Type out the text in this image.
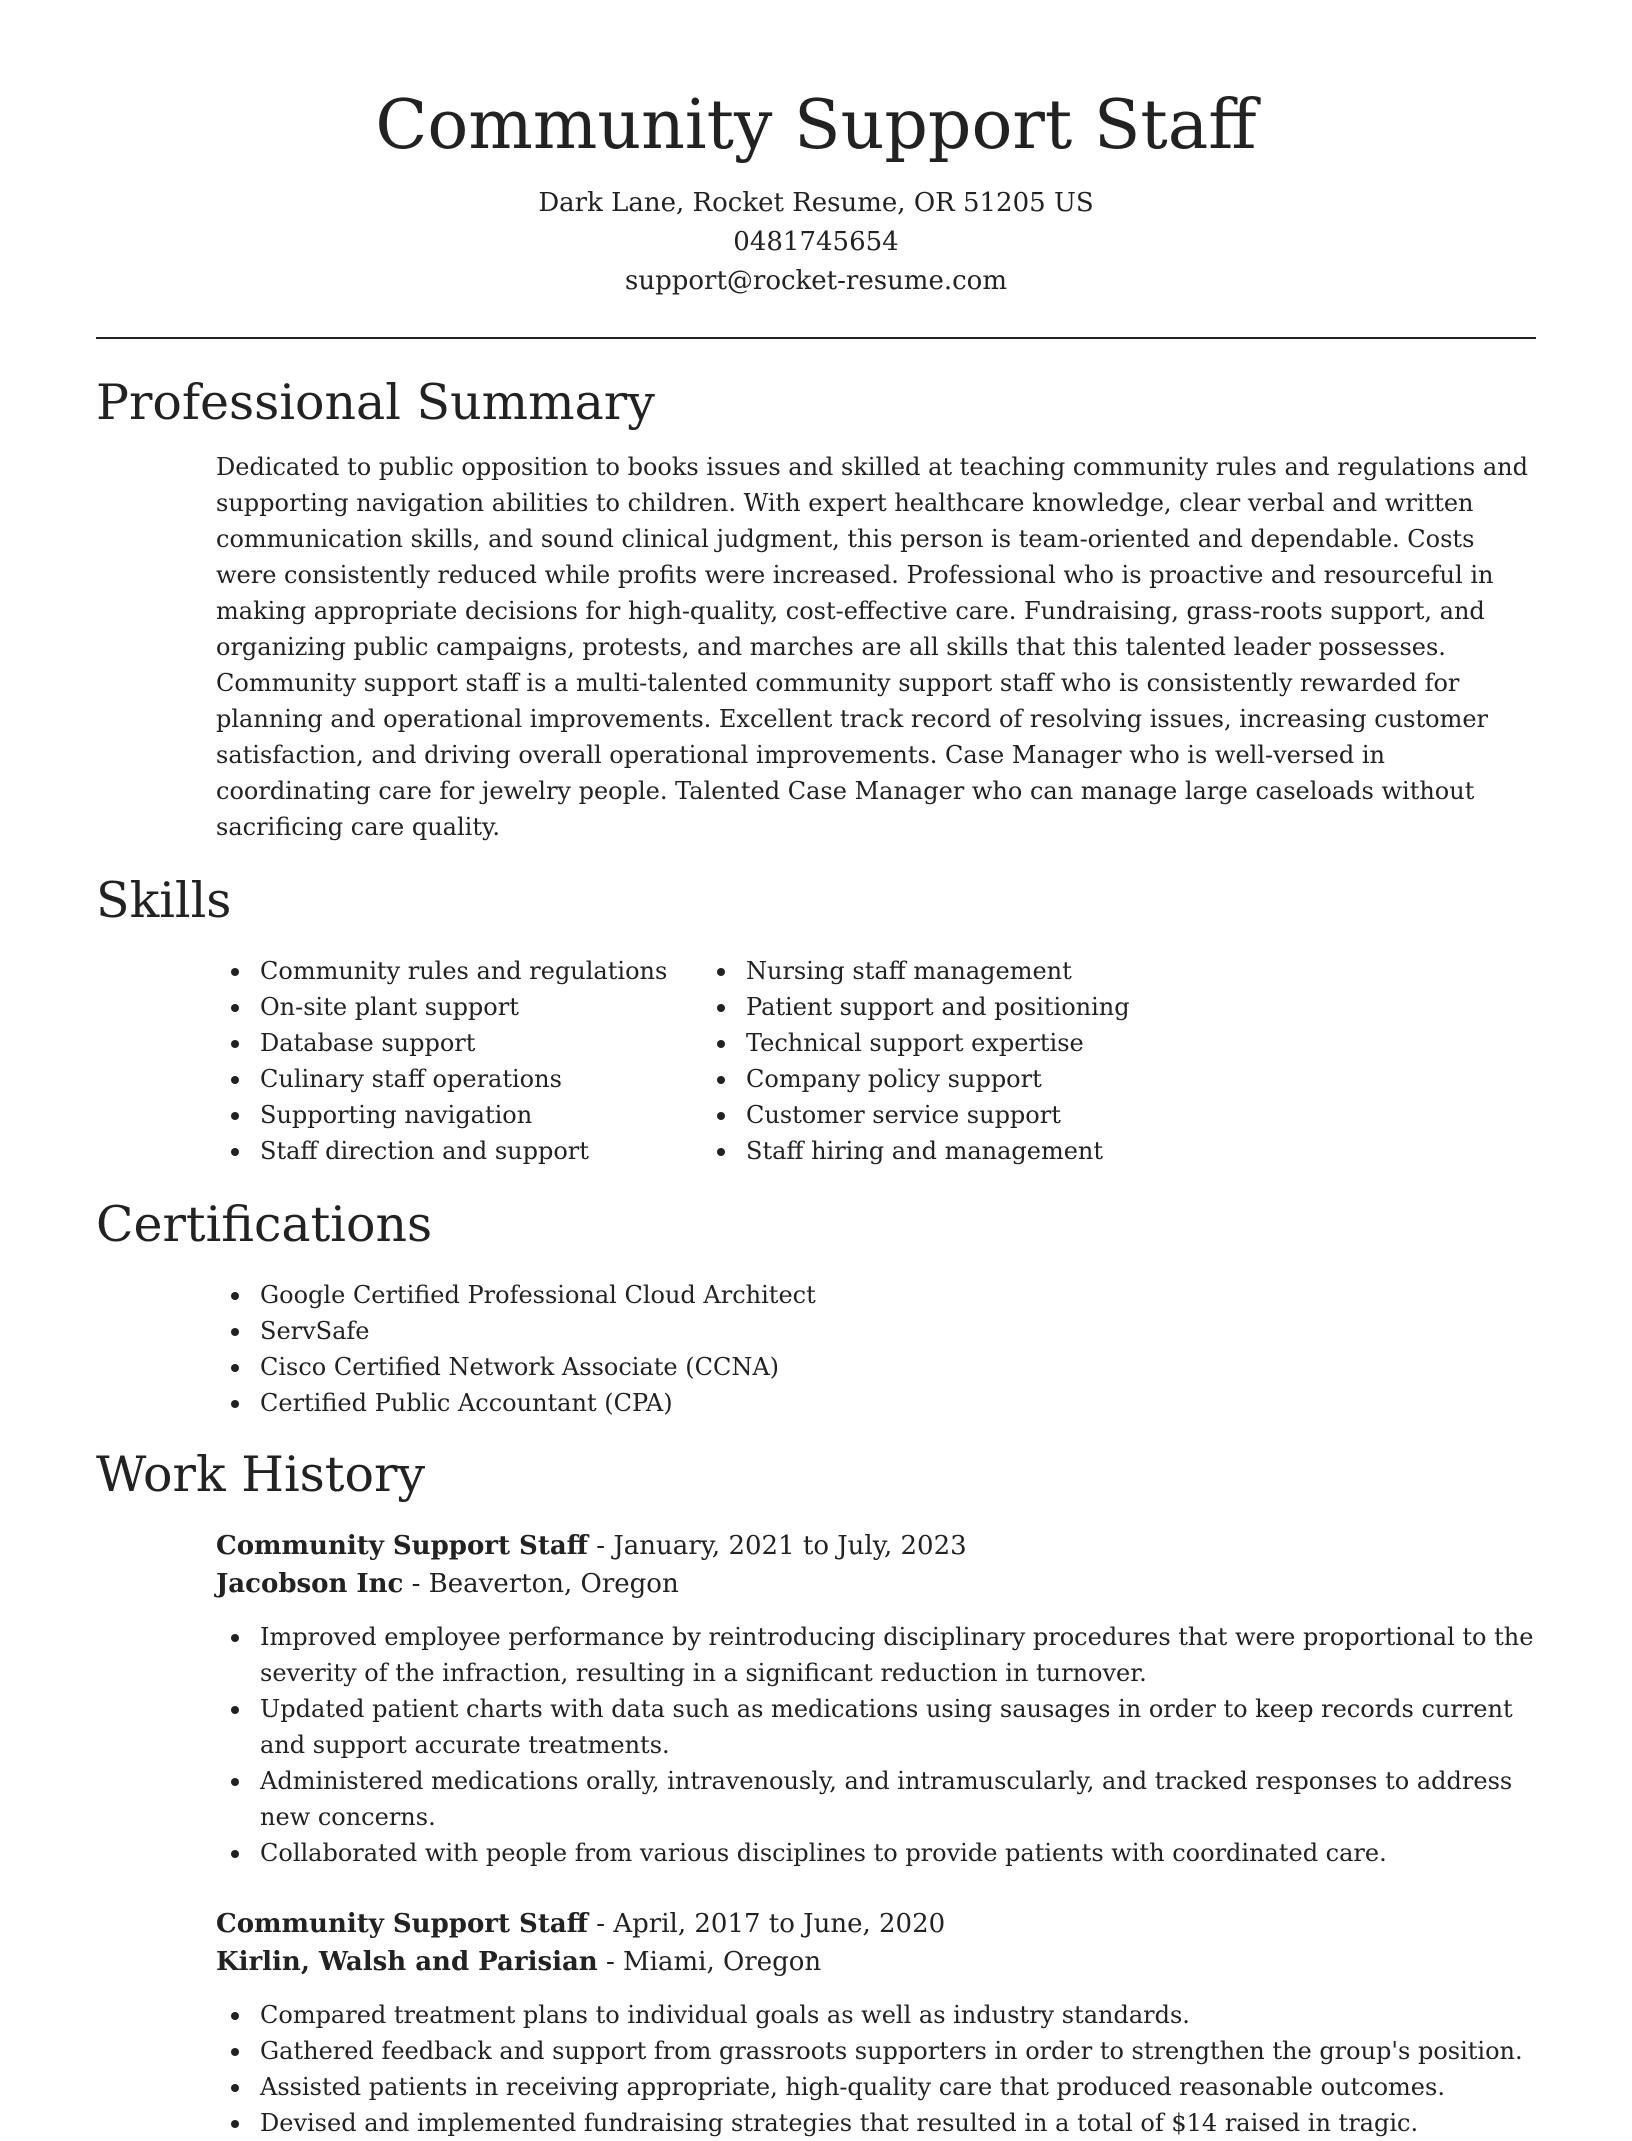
Community Support Staff
Dark Lane, Rocket Resume, OR 51205 US
0481745654
support@rocket-resume.com
Professional Summary
Dedicated to public opposition to books issues and skilled at teaching community rules and regulations and supporting navigation abilities to children. With expert healthcare knowledge, clear verbal and written communication skills, and sound clinical judgment, this person is team-oriented and dependable. Costs were consistently reduced while profits were increased. Professional who is proactive and resourceful in making appropriate decisions for high-quality, cost-effective care. Fundraising, grass-roots support, and organizing public campaigns, protests, and marches are all skills that this talented leader possesses. Community support staff is a multi-talented community support staff who is consistently rewarded for planning and operational improvements. Excellent track record of resolving issues, increasing customer satisfaction, and driving overall operational improvements. Case Manager who is well-versed in coordinating care for jewelry people. Talented Case Manager who can manage large caseloads without sacrificing care quality.
Skills
Community rules and regulations
On-site plant support
Database support
Culinary staff operations
Supporting navigation
Staff direction and support
Nursing staff management
Patient support and positioning
Technical support expertise
Company policy support
Customer service support
Staff hiring and management
Certifications
Google Certified Professional Cloud Architect
ServSafe
Cisco Certified Network Associate (CCNA)
Certified Public Accountant (CPA)
Work History
Community Support Staff - January, 2021 to July, 2023
Jacobson Inc - Beaverton, Oregon
Improved employee performance by reintroducing disciplinary procedures that were proportional to the severity of the infraction, resulting in a significant reduction in turnover.
Updated patient charts with data such as medications using sausages in order to keep records current and support accurate treatments.
Administered medications orally, intravenously, and intramuscularly, and tracked responses to address new concerns.
Collaborated with people from various disciplines to provide patients with coordinated care.
Community Support Staff - April, 2017 to June, 2020
Kirlin, Walsh and Parisian - Miami, Oregon
Compared treatment plans to individual goals as well as industry standards.
Gathered feedback and support from grassroots supporters in order to strengthen the group's position.
Assisted patients in receiving appropriate, high-quality care that produced reasonable outcomes.
Devised and implemented fundraising strategies that resulted in a total of $14 raised in tragic.
